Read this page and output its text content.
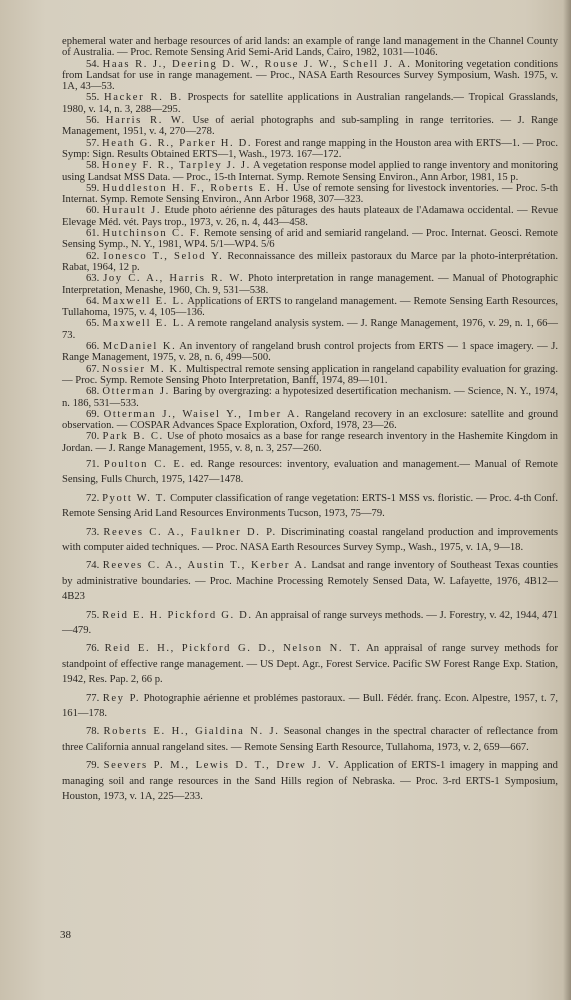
ephemeral water and herbage resources of arid lands: an example of range land management in the Channel County of Australia. — Proc. Remote Sensing Arid Semi-Arid Lands, Cairo, 1982, 1031—1046.

54. Haas R. J., Deering D. W., Rouse J. W., Schell J. A. Monitoring vegetation conditions from Landsat for use in range management. — Proc., NASA Earth Resources Survey Symposium, Wash. 1975, v. 1A, 43—53.

55. Hacker R. B. Prospects for satellite applications in Australian rangelands.— Tropical Grasslands, 1980, v. 14, n. 3, 288—295.

56. Harris R. W. Use of aerial photographs and sub-sampling in range territories. — J. Range Management, 1951, v. 4, 270—278.

57. Heath G. R., Parker H. D. Forest and range mapping in the Houston area with ERTS—1. — Proc. Symp: Sign. Results Obtained ERTS—1, Wash., 1973. 167—172.

58. Honey F. R., Tarpley J. J. A vegetation response model applied to range inventory and monitoring using Landsat MSS Data. — Proc., 15-th Internat. Symp. Remote Sensing Environ., Ann Arbor, 1981, 15 p.

59. Huddleston H. F., Roberts E. H. Use of remote sensing for livestock inventories. — Proc. 5-th Internat. Symp. Remote Sensing Environ., Ann Arbor 1968, 307—323.

60. Hurault J. Etude photo aérienne des pâturages des hauts plateaux de l'Adamawa occidental. — Revue Elevage Méd. vét. Pays trop., 1973, v. 26, n. 4, 443—458.

61. Hutchinson C. F. Remote sensing of arid and semiarid rangeland. — Proc. Internat. Geosci. Remote Sensing Symp., N. Y., 1981, WP4. 5/1—WP4. 5/6

62. Ionesco T., Selod Y. Reconnaissance des milleix pastoraux du Marce par la photo-interprétation. Rabat, 1964, 12 p.

63. Joy C. A., Harris R. W. Photo interpretation in range management. — Manual of Photographic Interpretation, Menashe, 1960, Ch. 9, 531—538.

64. Maxwell E. L. Applications of ERTS to rangeland management. — Remote Sensing Earth Resources, Tullahoma, 1975, v. 4, 105—136.

65. Maxwell E. L. A remote rangeland analysis system. — J. Range Management, 1976, v. 29, n. 1, 66—73.

66. McDaniel K. An inventory of rangeland brush control projects from ERTS — 1 space imagery. — J. Range Management, 1975, v. 28, n. 6, 499—500.

67. Nossier M. K. Multispectral remote sensing application in rangeland capability evaluation for grazing. — Proc. Symp. Remote Sensing Photo Interpretation, Banff, 1974, 89—101.

68. Otterman J. Baring by overgrazing: a hypotesized desertification mechanism. — Science, N. Y., 1974, n. 186, 531—533.

69. Otterman J., Waisel Y., Imber A. Rangeland recovery in an exclosure: satellite and ground observation. — COSPAR Advances Space Exploration, Oxford, 1978, 23—26.

70. Park B. C. Use of photo mosaics as a base for range research inventory in the Hashemite Kingdom in Jordan. — J. Range Management, 1955, v. 8, n. 3, 257—260.

71. Poulton C. E. ed. Range resources: inventory, evaluation and management.— Manual of Remote Sensing, Fulls Church, 1975, 1427—1478.

72. Pyott W. T. Computer classification of range vegetation: ERTS-1 MSS vs. floristic. — Proc. 4-th Conf. Remote Sensing Arid Land Resources Environments Tucson, 1973, 75—79.

73. Reeves C. A., Faulkner D. P. Discriminating coastal rangeland production and improvements with computer aided techniques. — Proc. NASA Earth Resources Survey Symp., Wash., 1975, v. 1A, 9—18.

74. Reeves C. A., Austin T., Kerber A. Landsat and range inventory of Southeast Texas counties by administrative boundaries. — Proc. Machine Processing Remotely Sensed Data, W. Lafayette, 1976, 4B12—4B23

75. Reid E. H. Pickford G. D. An appraisal of range surveys methods. — J. Forestry, v. 42, 1944, 471—479.

76. Reid E. H., Pickford G. D., Nelson N. T. An appraisal of range survey methods for standpoint of effective range management. — US Dept. Agr., Forest Service. Pacific SW Forest Range Exp. Station, 1942, Res. Pap. 2, 66 p.

77. Rey P. Photographie aérienne et problémes pastoraux. — Bull. Fédér. franç. Econ. Alpestre, 1957, t. 7, 161—178.

78. Roberts E. H., Gialdina N. J. Seasonal changes in the spectral character of reflectance from three California annual rangeland sites. — Remote Sensing Earth Resource, Tullahoma, 1973, v. 2, 659—667.

79. Seevers P. M., Lewis D. T., Drew J. V. Application of ERTS-1 imagery in mapping and managing soil and range resources in the Sand Hills region of Nebraska. — Proc. 3-rd ERTS-1 Symposium, Houston, 1973, v. 1A, 225—233.

38
